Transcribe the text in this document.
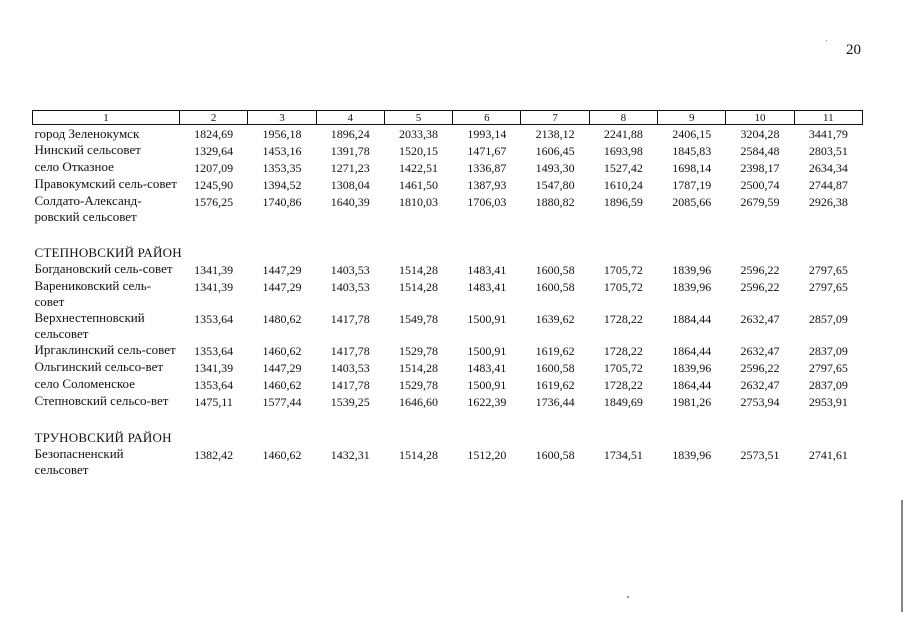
20
1	2	3	4	5	6	7	8	9	10	11
город Зеленокумск	1824,69	1956,18	1896,24	2033,38	1993,14	2138,12	2241,88	2406,15	3204,28	3441,79
Нинский сельсовет	1329,64	1453,16	1391,78	1520,15	1471,67	1606,45	1693,98	1845,83	2584,48	2803,51
село Отказное	1207,09	1353,35	1271,23	1422,51	1336,87	1493,30	1527,42	1698,14	2398,17	2634,34
Правокумский сель-совет	1245,90	1394,52	1308,04	1461,50	1387,93	1547,80	1610,24	1787,19	2500,74	2744,87
Солдато-Александ-ровский сельсовет	1576,25	1740,86	1640,39	1810,03	1706,03	1880,82	1896,59	2085,66	2679,59	2926,38
СТЕПНОВСКИЙ РАЙОН										
Богдановский сель-совет	1341,39	1447,29	1403,53	1514,28	1483,41	1600,58	1705,72	1839,96	2596,22	2797,65
Варениковский сель-совет	1341,39	1447,29	1403,53	1514,28	1483,41	1600,58	1705,72	1839,96	2596,22	2797,65
Верхнестепновский сельсовет	1353,64	1480,62	1417,78	1549,78	1500,91	1639,62	1728,22	1884,44	2632,47	2857,09
Иргаклинский сель-совет	1353,64	1460,62	1417,78	1529,78	1500,91	1619,62	1728,22	1864,44	2632,47	2837,09
Ольгинский сельсо-вет	1341,39	1447,29	1403,53	1514,28	1483,41	1600,58	1705,72	1839,96	2596,22	2797,65
село Соломенское	1353,64	1460,62	1417,78	1529,78	1500,91	1619,62	1728,22	1864,44	2632,47	2837,09
Степновский сельсо-вет	1475,11	1577,44	1539,25	1646,60	1622,39	1736,44	1849,69	1981,26	2753,94	2953,91
ТРУНОВСКИЙ РАЙОН										
Безопасненский сельсовет	1382,42	1460,62	1432,31	1514,28	1512,20	1600,58	1734,51	1839,96	2573,51	2741,61
